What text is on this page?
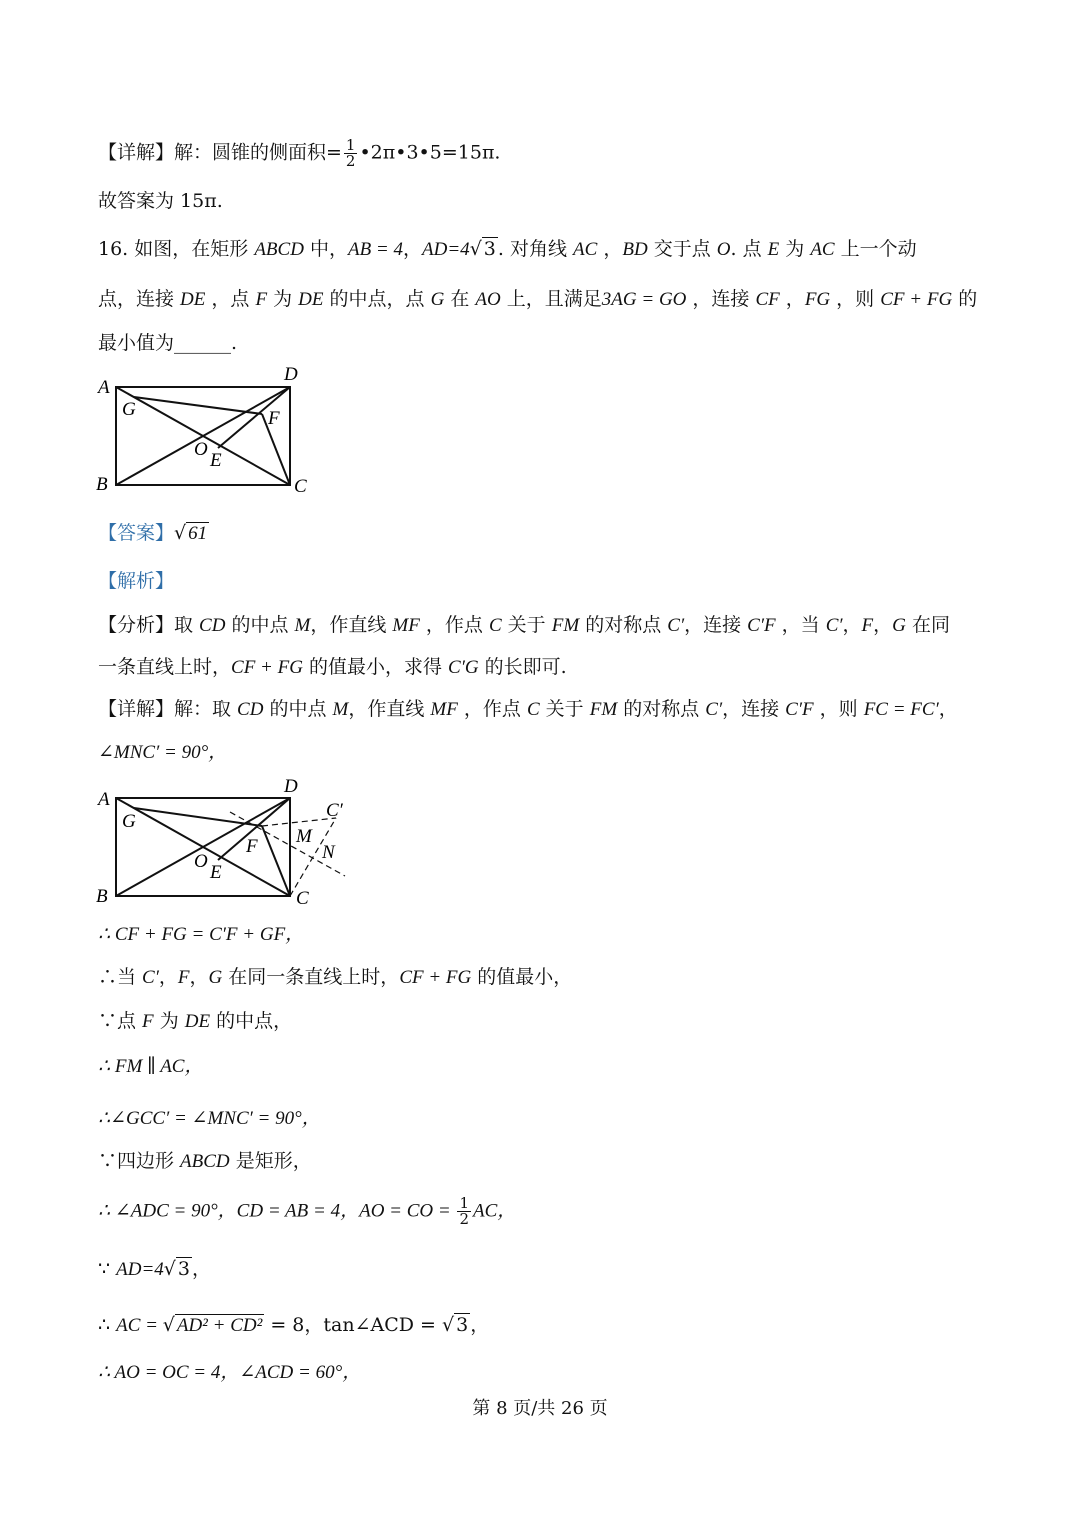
【详解】解：圆锥的侧面积= $\frac{1}{2}$ •2π•3•5=15π.
故答案为 15π.
16. 如图，在矩形 ABCD 中，AB = 4，AD=4√ 3 . 对角线 AC ，BD 交于点 O. 点 E 为 AC 上一个动
点，连接 DE ，点 F 为 DE 的中点，点 G 在 AO 上，且满足3AG = GO ，连接 CF ，FG ，则 CF + FG 的
最小值为______.
A
B	C
D
G
O
E
F
【答案】√ 61
【解析】
【分析】取 CD 的中点 M，作直线 MF ，作点 C 关于 FM 的对称点 C′，连接 C′F ，当 C′，F，G 在同
一条直线上时，CF + FG 的值最小，求得 C′G 的长即可.
【详解】解：取 CD 的中点 M，作直线 MF ，作点 C 关于 FM 的对称点 C′，连接 C′F ，则 FC = FC′，
∠MNC′ = 90°，
A
B	C
D
G
O
E
F M
N
C′
∴ CF + FG = C′F + GF，
∴当 C′，F，G 在同一条直线上时，CF + FG 的值最小，
∵点 F 为 DE 的中点，
∴ FM ∥ AC，
∴∠GCC′ = ∠MNC′ = 90°，
∵四边形 ABCD 是矩形，
∴ ∠ADC = 90°，CD = AB = 4，AO = CO = $\frac{1}{2}$ AC，
∵ AD=4√ 3 ，
∴ AC = √ AD² + CD² = 8，tan∠ACD = √ 3 ，
∴ AO = OC = 4，∠ACD = 60°，
第 8 页/共 26 页
